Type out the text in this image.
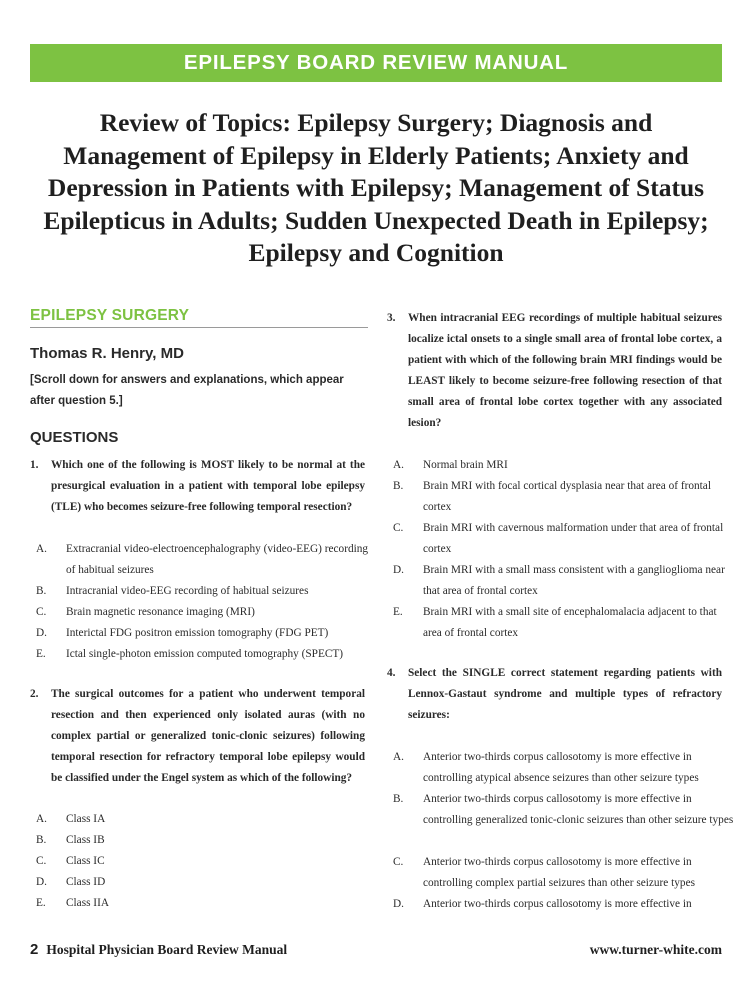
EPILEPSY BOARD REVIEW MANUAL
Review of Topics: Epilepsy Surgery; Diagnosis and Management of Epilepsy in Elderly Patients; Anxiety and Depression in Patients with Epilepsy; Management of Status Epilepticus in Adults; Sudden Unexpected Death in Epilepsy; Epilepsy and Cognition
EPILEPSY SURGERY
Thomas R. Henry, MD
[Scroll down for answers and explanations, which appear after question 5.]
QUESTIONS
1. Which one of the following is MOST likely to be normal at the presurgical evaluation in a patient with temporal lobe epilepsy (TLE) who becomes seizure-free following temporal resection?
A. Extracranial video-electroencephalography (video-EEG) recording of habitual seizures
B. Intracranial video-EEG recording of habitual seizures
C. Brain magnetic resonance imaging (MRI)
D. Interictal FDG positron emission tomography (FDG PET)
E. Ictal single-photon emission computed tomography (SPECT)
2. The surgical outcomes for a patient who underwent temporal resection and then experienced only isolated auras (with no complex partial or generalized tonic-clonic seizures) following temporal resection for refractory temporal lobe epilepsy would be classified under the Engel system as which of the following?
A. Class IA
B. Class IB
C. Class IC
D. Class ID
E. Class IIA
3. When intracranial EEG recordings of multiple habitual seizures localize ictal onsets to a single small area of frontal lobe cortex, a patient with which of the following brain MRI findings would be LEAST likely to become seizure-free following resection of that small area of frontal lobe cortex together with any associated lesion?
A. Normal brain MRI
B. Brain MRI with focal cortical dysplasia near that area of frontal cortex
C. Brain MRI with cavernous malformation under that area of frontal cortex
D. Brain MRI with a small mass consistent with a ganglioglioma near that area of frontal cortex
E. Brain MRI with a small site of encephalomalacia adjacent to that area of frontal cortex
4. Select the SINGLE correct statement regarding patients with Lennox-Gastaut syndrome and multiple types of refractory seizures:
A. Anterior two-thirds corpus callosotomy is more effective in controlling atypical absence seizures than other seizure types
B. Anterior two-thirds corpus callosotomy is more effective in controlling generalized tonic-clonic seizures than other seizure types
C. Anterior two-thirds corpus callosotomy is more effective in controlling complex partial seizures than other seizure types
D. Anterior two-thirds corpus callosotomy is more effective in
2 Hospital Physician Board Review Manual	www.turner-white.com
